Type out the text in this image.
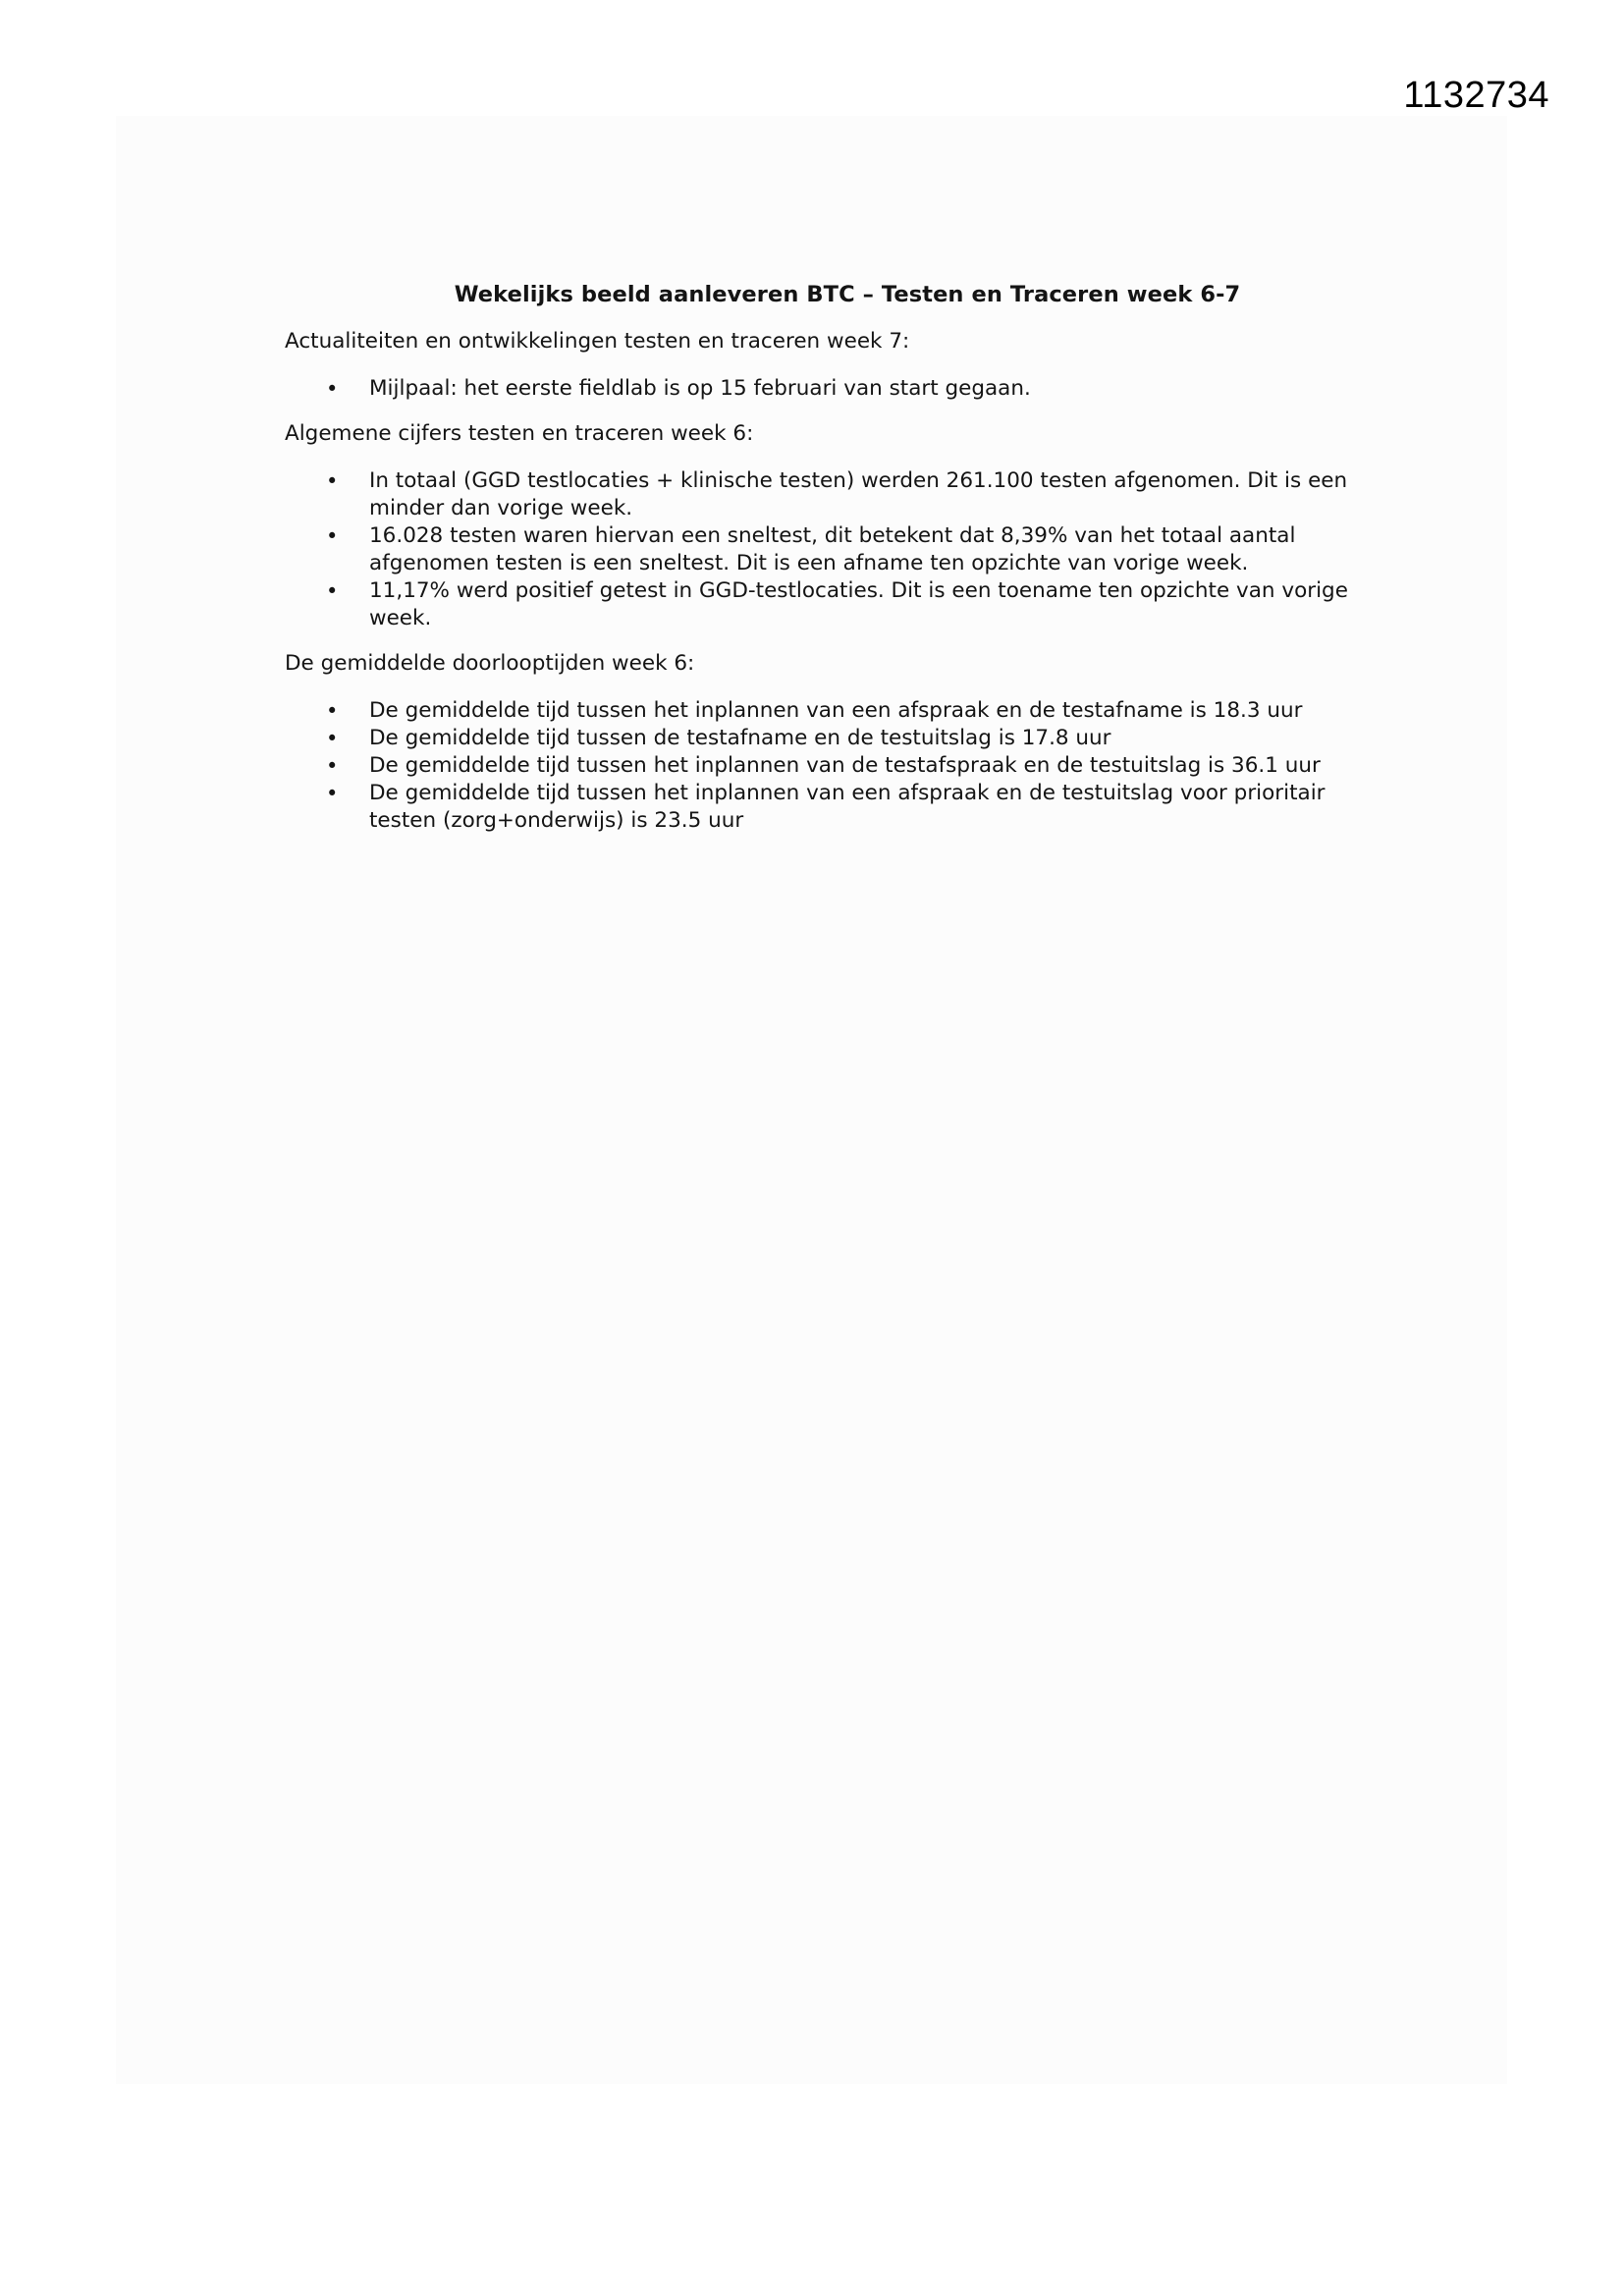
1132734
Wekelijks beeld aanleveren BTC – Testen en Traceren week 6-7
Actualiteiten en ontwikkelingen testen en traceren week 7:
• Mijlpaal: het eerste fieldlab is op 15 februari van start gegaan.
Algemene cijfers testen en traceren week 6:
• In totaal (GGD testlocaties + klinische testen) werden 261.100 testen afgenomen. Dit is een minder dan vorige week.
• 16.028 testen waren hiervan een sneltest, dit betekent dat 8,39% van het totaal aantal afgenomen testen is een sneltest. Dit is een afname ten opzichte van vorige week.
• 11,17% werd positief getest in GGD-testlocaties. Dit is een toename ten opzichte van vorige week.
De gemiddelde doorlooptijden week 6:
• De gemiddelde tijd tussen het inplannen van een afspraak en de testafname is 18.3 uur
• De gemiddelde tijd tussen de testafname en de testuitslag is 17.8 uur
• De gemiddelde tijd tussen het inplannen van de testafspraak en de testuitslag is 36.1 uur
• De gemiddelde tijd tussen het inplannen van een afspraak en de testuitslag voor prioritair testen (zorg+onderwijs) is 23.5 uur
